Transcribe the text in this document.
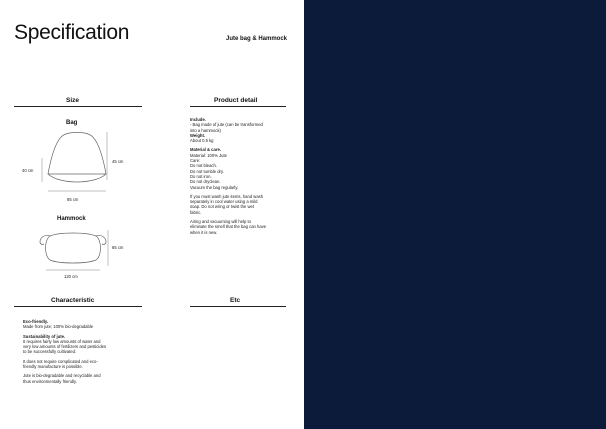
Specification	Jute bag & Hammock
Size	Product detail
Bag
45 cm
40 cm
85 cm
Hammock
85 cm
120 cm
Include.
- Bag made of jute (can be transformed
into a hammock)
Weight.
About 0.5 kg
Material & care.
Material: 100% Jute
Care:
Do not bleach.
Do not tumble dry.
Do not iron.
Do not dryclean.
Vacuum the bag regularly.
If you must wash jute items, hand wash
separately in cool water using a mild
soap. Do not wring or twist the wet
fabric.
Airing and vacuuming will help to
eliminate the smell that the bag can have
when it is new.
Characteristic	Etc
Eco-friendly.
Made from jute; 100% bio-degradable
Sustainability of jute.
It requires fairly low amounts of water and
very low amounts of fertilizers and pesticides
to be successfully cultivated.
It does not require complicated and eco-
friendly manufacture is possible.
Jute is bio-degradable and recyclable and
thus environmentally friendly.
